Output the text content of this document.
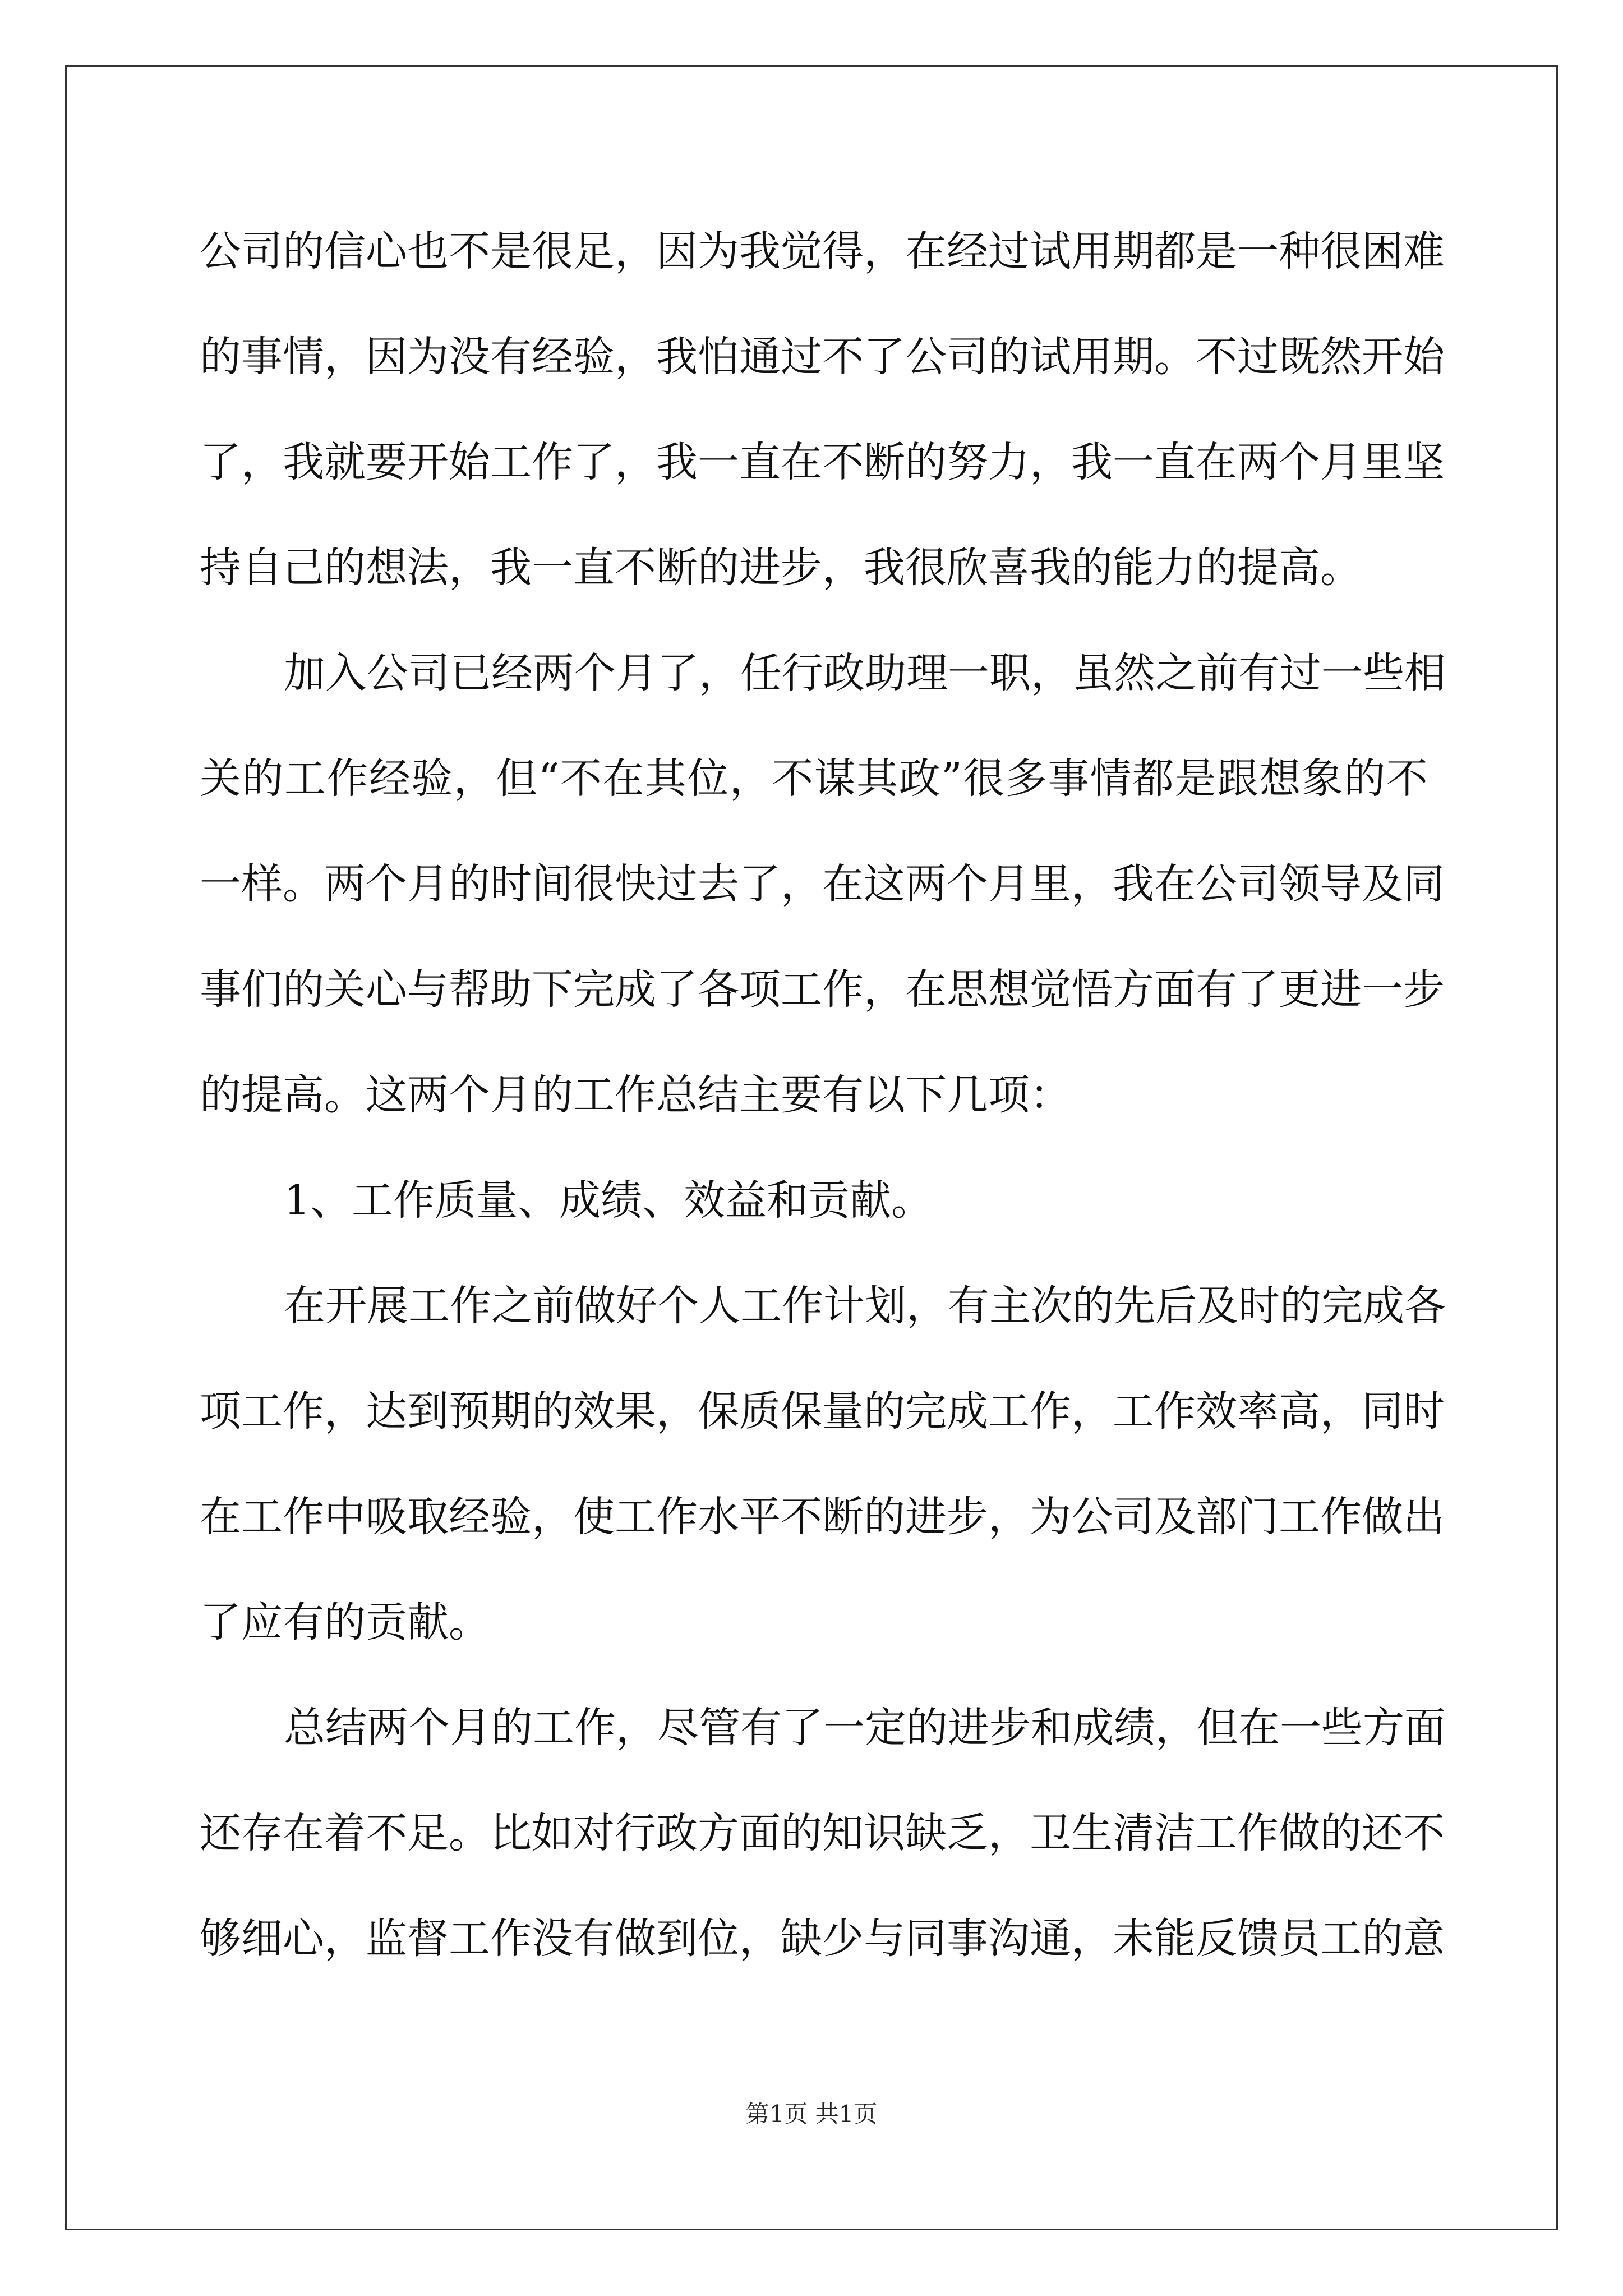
公 司 的 信 心 也 不 是 很 足 ， 因 为 我 觉 得 ， 在 经 过 试 用 期 都 是 一 种 很 困 难
的 事 情 ， 因 为 没 有 经 验 ， 我 怕 通 过 不 了 公 司 的 试 用 期 。 不 过 既 然 开 始
了 ， 我 就 要 开 始 工 作 了 ， 我 一 直 在 不 断 的 努 力 ， 我 一 直 在 两 个 月 里 坚
持 自 己 的 想 法 ， 我 一 直 不 断 的 进 步 ， 我 很 欣 喜 我 的 能 力 的 提 高 。
加 入 公 司 已 经 两 个 月 了 ， 任 行 政 助 理 一 职 ， 虽 然 之 前 有 过 一 些 相
关 的 工 作 经 验 ， 但 “ 不 在 其 位 ， 不 谋 其 政 ” 很 多 事 情 都 是 跟 想 象 的 不
一 样 。 两 个 月 的 时 间 很 快 过 去 了 ， 在 这 两 个 月 里 ， 我 在 公 司 领 导 及 同
事 们 的 关 心 与 帮 助 下 完 成 了 各 项 工 作 ， 在 思 想 觉 悟 方 面 有 了 更 进 一 步
的 提 高 。 这 两 个 月 的 工 作 总 结 主 要 有 以 下 几 项 ：
1 、 工 作 质 量 、 成 绩 、 效 益 和 贡 献 。
在 开 展 工 作 之 前 做 好 个 人 工 作 计 划 ， 有 主 次 的 先 后 及 时 的 完 成 各
项 工 作 ， 达 到 预 期 的 效 果 ， 保 质 保 量 的 完 成 工 作 ， 工 作 效 率 高 ， 同 时
在 工 作 中 吸 取 经 验 ， 使 工 作 水 平 不 断 的 进 步 ， 为 公 司 及 部 门 工 作 做 出
了 应 有 的 贡 献 。
总 结 两 个 月 的 工 作 ， 尽 管 有 了 一 定 的 进 步 和 成 绩 ， 但 在 一 些 方 面
还 存 在 着 不 足 。 比 如 对 行 政 方 面 的 知 识 缺 乏 ， 卫 生 清 洁 工 作 做 的 还 不
够 细 心 ， 监 督 工 作 没 有 做 到 位 ， 缺 少 与 同 事 沟 通 ， 未 能 反 馈 员 工 的 意
第1页 共1页
